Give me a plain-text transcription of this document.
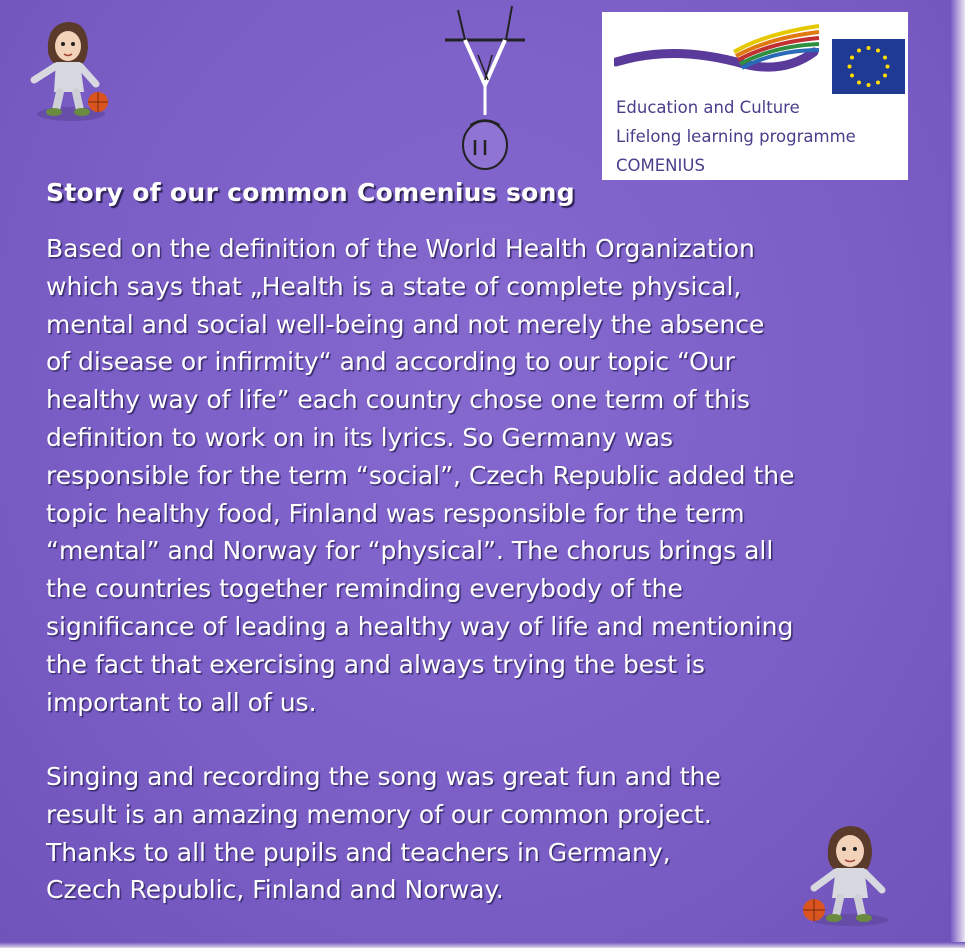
Education and Culture
Lifelong learning programme
COMENIUS
Story of our common Comenius song

Based on the definition of the World Health Organization
which says that „Health is a state of complete physical,
mental and social well-being and not merely the absence
of disease or infirmity“ and according to our topic “Our
healthy way of life” each country chose one term of this
definition to work on in its lyrics. So Germany was
responsible for the term “social”, Czech Republic added the
topic healthy food, Finland was responsible for the term
“mental” and Norway for “physical”. The chorus brings all
the countries together reminding everybody of the
significance of leading a healthy way of life and mentioning
the fact that exercising and always trying the best is
important to all of us.

Singing and recording the song was great fun and the
result is an amazing memory of our common project.
Thanks to all the pupils and teachers in Germany,
Czech Republic, Finland and Norway.
